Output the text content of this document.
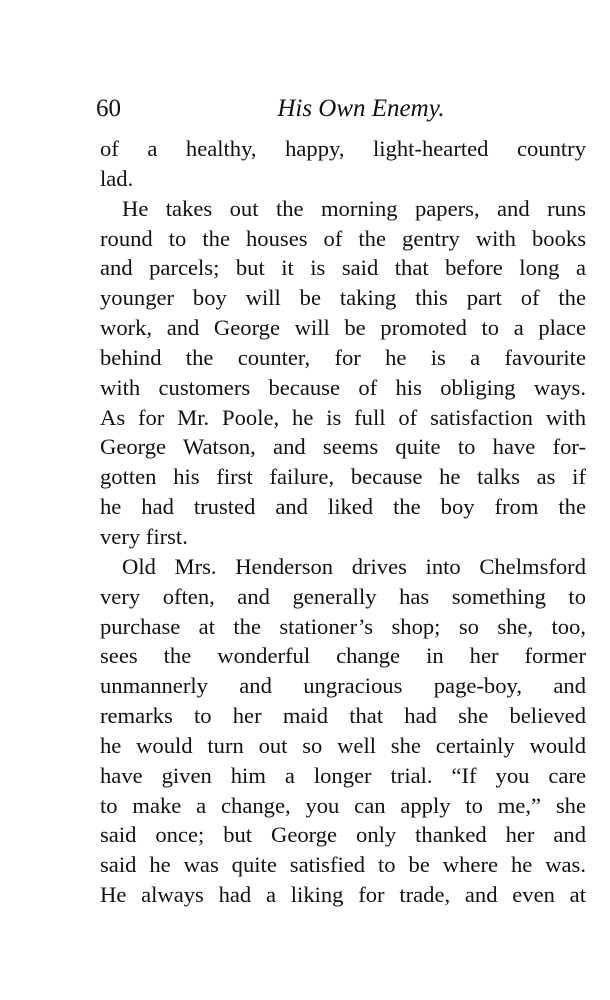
60	His Own Enemy.

of a healthy, happy, light-hearted country
lad.

He takes out the morning papers, and runs
round to the houses of the gentry with books
and parcels; but it is said that before long a
younger boy will be taking this part of the
work, and George will be promoted to a place
behind the counter, for he is a favourite
with customers because of his obliging ways.
As for Mr. Poole, he is full of satisfaction with
George Watson, and seems quite to have for-
gotten his first failure, because he talks as if
he had trusted and liked the boy from the
very first.

Old Mrs. Henderson drives into Chelmsford
very often, and generally has something to
purchase at the stationer’s shop; so she, too,
sees the wonderful change in her former
unmannerly and ungracious page-boy, and
remarks to her maid that had she believed
he would turn out so well she certainly would
have given him a longer trial. “If you care
to make a change, you can apply to me,” she
said once; but George only thanked her and
said he was quite satisfied to be where he was.
He always had a liking for trade, and even at
